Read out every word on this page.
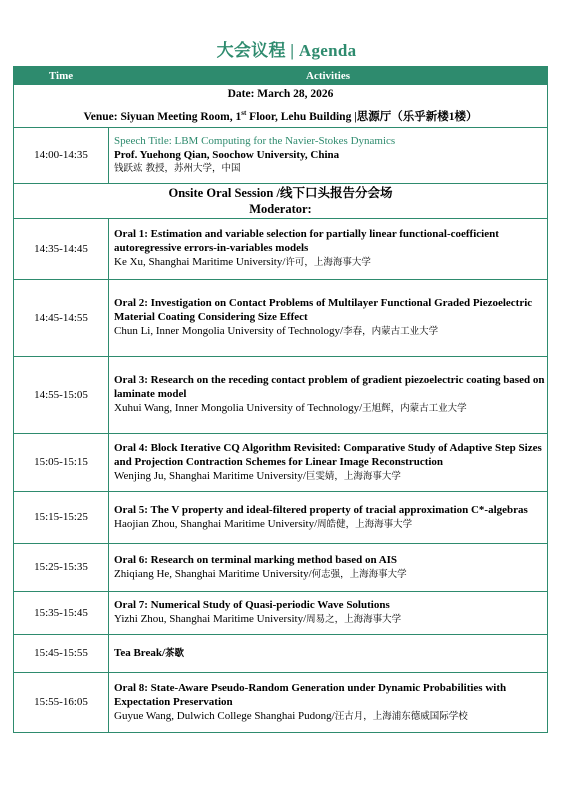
大会议程 | Agenda
Time	Activities

Date: March 28, 2026
Venue: Siyuan Meeting Room, 1st Floor, Lehu Building |思源厅（乐乎新楼1楼）	

14:00-14:35	Speech Title: LBM Computing for the Navier-Stokes Dynamics
Prof. Yuehong Qian, Soochow University, China
钱跃竑 教授，苏州大学，中国

Onsite Oral Session /线下口头报告分会场
Moderator:	

14:35-14:45	Oral 1: Estimation and variable selection for partially linear functional-coefficient autoregressive errors-in-variables models
Ke Xu, Shanghai Maritime University/许可，上海海事大学

14:45-14:55	Oral 2: Investigation on Contact Problems of Multilayer Functional Graded Piezoelectric Material Coating Considering Size Effect
Chun Li, Inner Mongolia University of Technology/李春，内蒙古工业大学

14:55-15:05	Oral 3: Research on the receding contact problem of gradient piezoelectric coating based on laminate model
Xuhui Wang, Inner Mongolia University of Technology/王旭辉，内蒙古工业大学

15:05-15:15	Oral 4: Block Iterative CQ Algorithm Revisited: Comparative Study of Adaptive Step Sizes and Projection Contraction Schemes for Linear Image Reconstruction
Wenjing Ju, Shanghai Maritime University/巨雯婧，上海海事大学

15:15-15:25	Oral 5: The V property and ideal-filtered property of tracial approximation C*-algebras
Haojian Zhou, Shanghai Maritime University/周皓健，上海海事大学

15:25-15:35	Oral 6: Research on terminal marking method based on AIS
Zhiqiang He, Shanghai Maritime University/何志强，上海海事大学

15:35-15:45	Oral 7: Numerical Study of Quasi-periodic Wave Solutions
Yizhi Zhou, Shanghai Maritime University/周易之，上海海事大学

15:45-15:55	Tea Break/茶歇
15:55-16:05	Oral 8: State-Aware Pseudo-Random Generation under Dynamic Probabilities with Expectation Preservation
Guyue Wang, Dulwich College Shanghai Pudong/汪古月，上海浦东德威国际学校
